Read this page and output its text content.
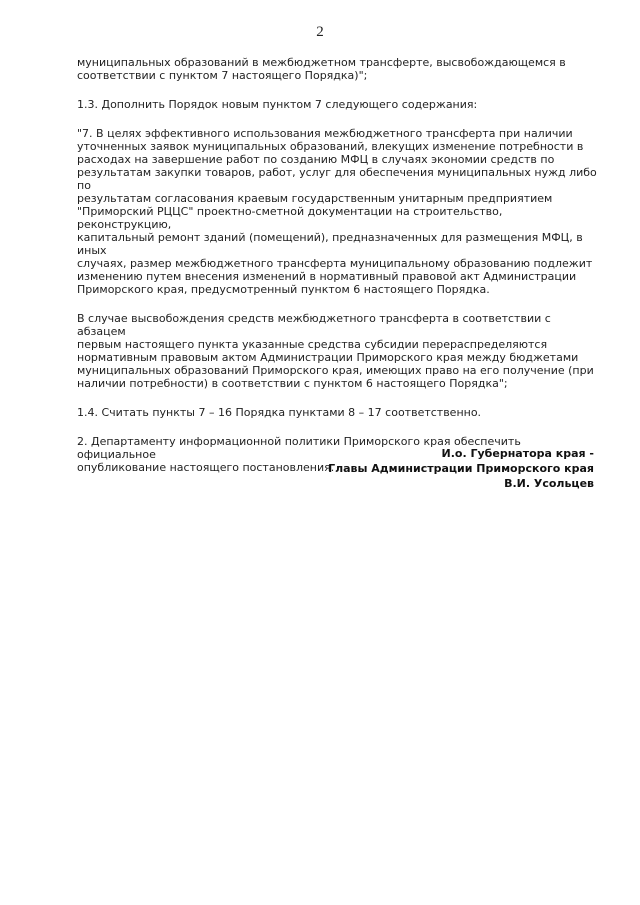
2

муниципальных образований в межбюджетном трансферте, высвобождающемся в
соответствии с пунктом 7 настоящего Порядка)";

1.3. Дополнить Порядок новым пунктом 7 следующего содержания:

"7. В целях эффективного использования межбюджетного трансферта при наличии
уточненных заявок муниципальных образований, влекущих изменение потребности в
расходах на завершение работ по созданию МФЦ в случаях экономии средств по
результатам закупки товаров, работ, услуг для обеспечения муниципальных нужд либо по
результатам согласования краевым государственным унитарным предприятием
"Приморский РЦЦС" проектно-сметной документации на строительство, реконструкцию,
капитальный ремонт зданий (помещений), предназначенных для размещения МФЦ, в иных
случаях, размер межбюджетного трансферта муниципальному образованию подлежит
изменению путем внесения изменений в нормативный правовой акт Администрации
Приморского края, предусмотренный пунктом 6 настоящего Порядка.

В случае высвобождения средств межбюджетного трансферта в соответствии с абзацем
первым настоящего пункта указанные средства субсидии перераспределяются
нормативным правовым актом Администрации Приморского края между бюджетами
муниципальных образований Приморского края, имеющих право на его получение (при
наличии потребности) в соответствии с пунктом 6 настоящего Порядка";

1.4. Считать пункты 7 – 16 Порядка пунктами 8 – 17 соответственно.

2. Департаменту информационной политики Приморского края обеспечить официальное
опубликование настоящего постановления.

И.о. Губернатора края -
Главы Администрации Приморского края
В.И. Усольцев
